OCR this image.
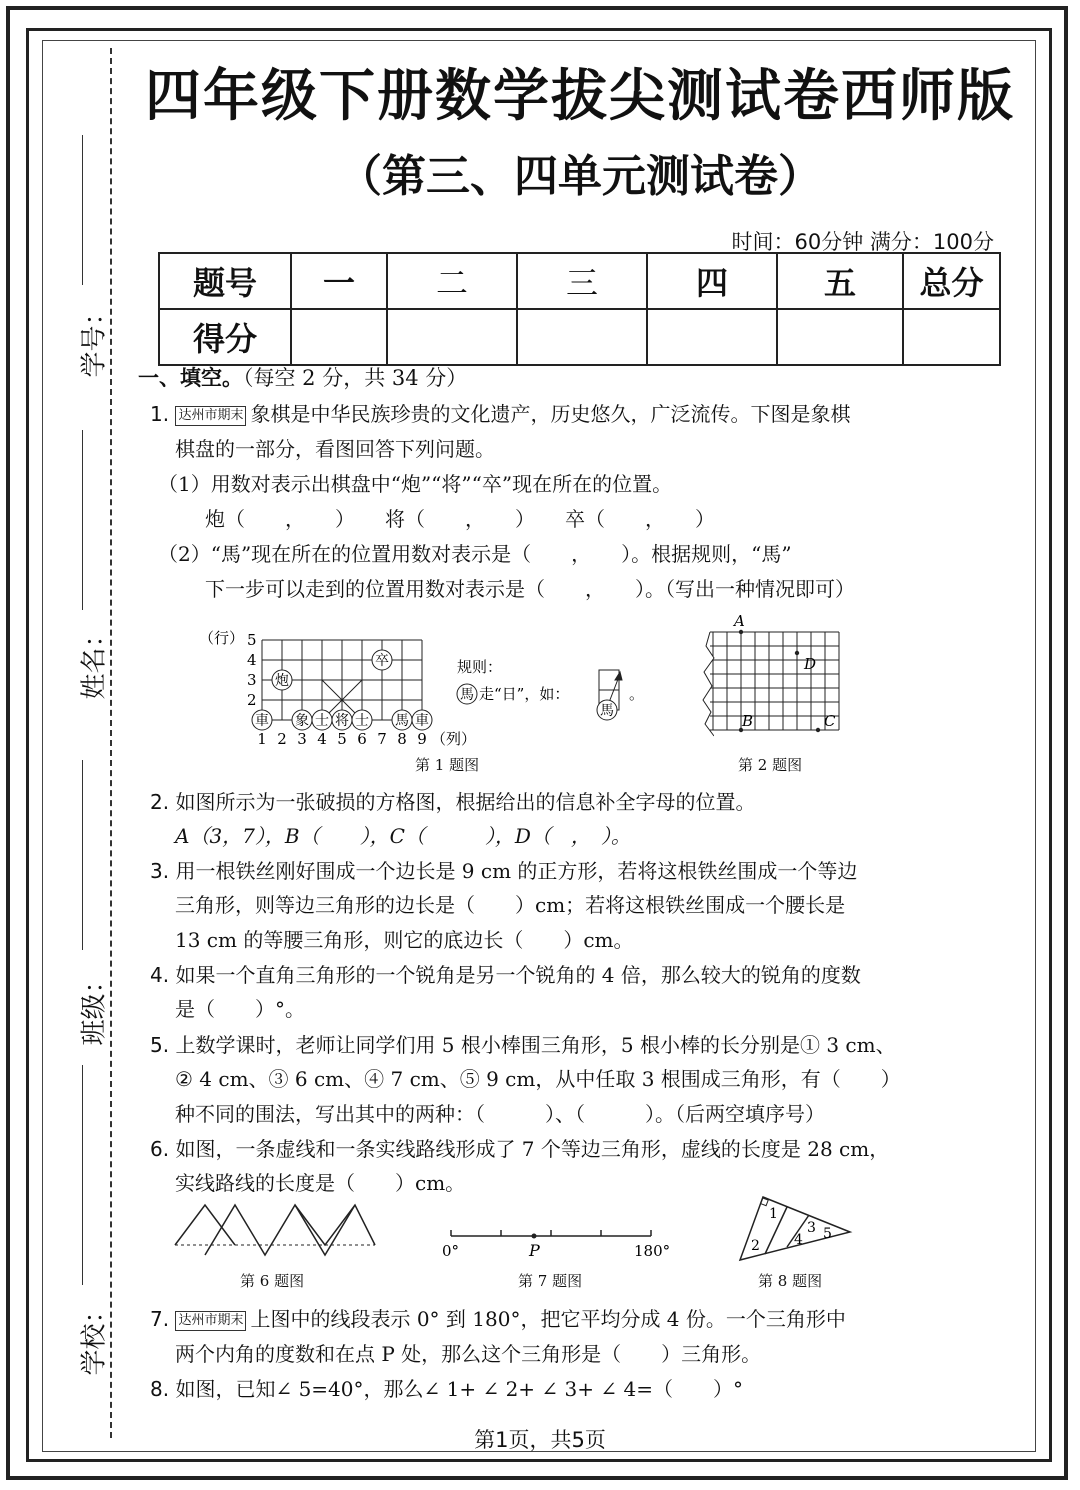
学号：
姓名：
班级：
学校：
四年级下册数学拔尖测试卷西师版
（第三、四单元测试卷）
时间：60分钟 满分：100分
题号	一	二	三	四	五	总分
得分						
一、填空。（每空 2 分，共 34 分）
1. 达州市期末 象棋是中华民族珍贵的文化遗产，历史悠久，广泛流传。下图是象棋
棋盘的一部分，看图回答下列问题。
（1）用数对表示出棋盘中“炮”“将”“卒”现在所在的位置。
炮（　　，　　）　　将（　　，　　）　　卒（　　，　　）
（2）“馬”现在所在的位置用数对表示是（　　，　　）。根据规则，“馬”
下一步可以走到的位置用数对表示是（　　，　　）。（写出一种情况即可）
（行） 5
4
3
2
車 象 士 将 士 馬 車
炮
卒
1 2 3 4 5 6 7 8 9 （列）
规则：
馬 走“日”，如：
馬
。
第 1 题图
A
B	C
D
第 2 题图
2. 如图所示为一张破损的方格图，根据给出的信息补全字母的位置。
A（3，7），B（　　），C（　　　），D（　，　）。
3. 用一根铁丝刚好围成一个边长是 9 cm 的正方形，若将这根铁丝围成一个等边
三角形，则等边三角形的边长是（　　）cm；若将这根铁丝围成一个腰长是
13 cm 的等腰三角形，则它的底边长（　　）cm。
4. 如果一个直角三角形的一个锐角是另一个锐角的 4 倍，那么较大的锐角的度数
是（　　）°。
5. 上数学课时，老师让同学们用 5 根小棒围三角形，5 根小棒的长分别是① 3 cm、
② 4 cm、③ 6 cm、④ 7 cm、⑤ 9 cm，从中任取 3 根围成三角形，有（　　）
种不同的围法，写出其中的两种：（　　　）、（　　　）。（后两空填序号）
6. 如图，一条虚线和一条实线路线形成了 7 个等边三角形，虚线的长度是 28 cm，
实线路线的长度是（　　）cm。
第 6 题图
0°	P	180°
第 7 题图
1
2
3
4 5
第 8 题图
7. 达州市期末 上图中的线段表示 0° 到 180°，把它平均分成 4 份。一个三角形中
两个内角的度数和在点 P 处，那么这个三角形是（　　）三角形。
8. 如图，已知∠ 5=40°，那么∠ 1+ ∠ 2+ ∠ 3+ ∠ 4=（　　）°
第1页，共5页
